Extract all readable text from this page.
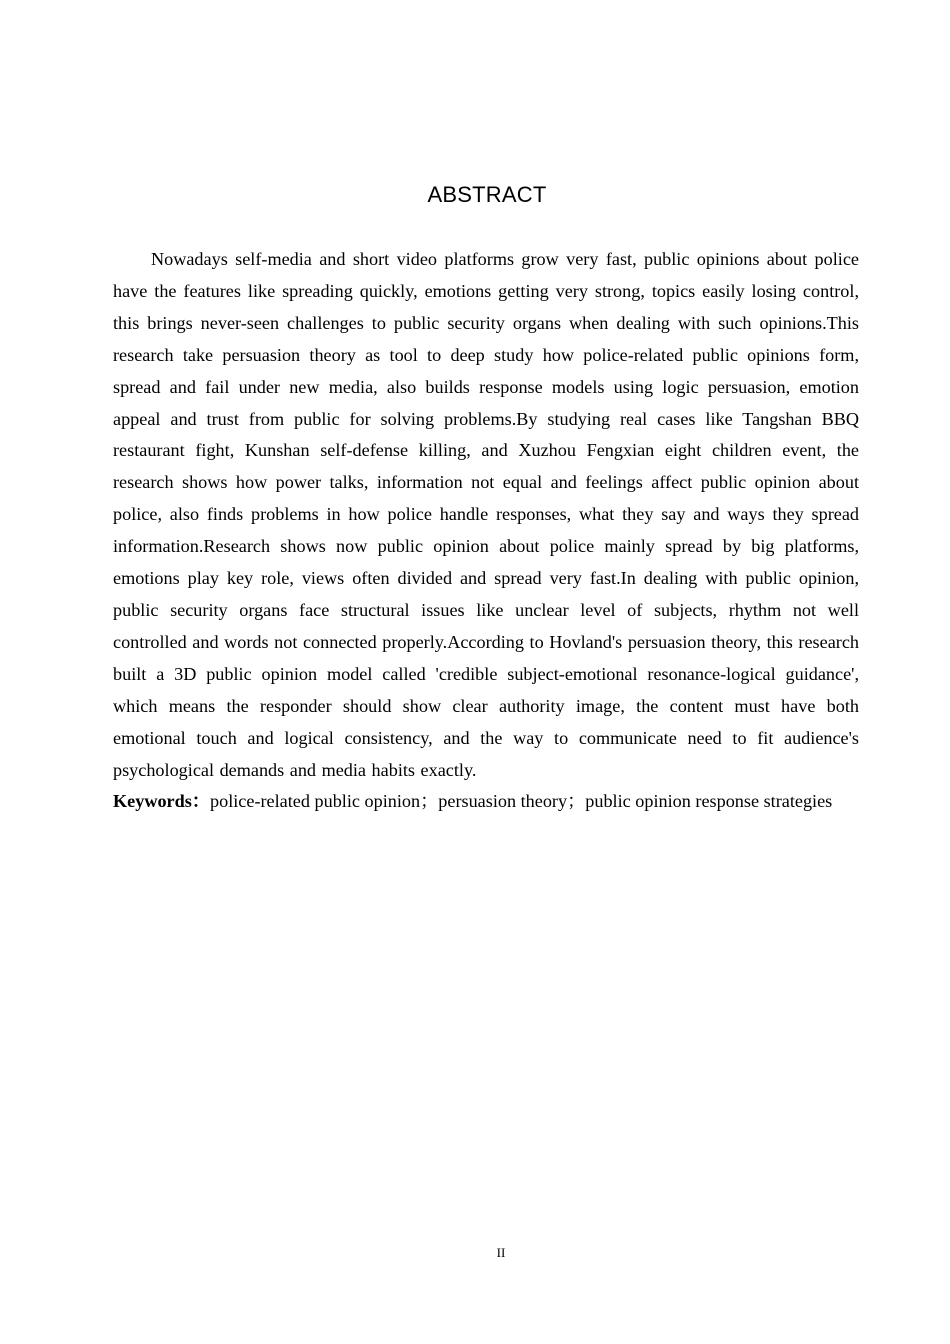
ABSTRACT

Nowadays self-media and short video platforms grow very fast, public opinions about police have the features like spreading quickly, emotions getting very strong, topics easily losing control, this brings never-seen challenges to public security organs when dealing with such opinions.This research take persuasion theory as tool to deep study how police-related public opinions form, spread and fail under new media, also builds response models using logic persuasion, emotion appeal and trust from public for solving problems.By studying real cases like Tangshan BBQ restaurant fight, Kunshan self-defense killing, and Xuzhou Fengxian eight children event, the research shows how power talks, information not equal and feelings affect public opinion about police, also finds problems in how police handle responses, what they say and ways they spread information.Research shows now public opinion about police mainly spread by big platforms, emotions play key role, views often divided and spread very fast.In dealing with public opinion, public security organs face structural issues like unclear level of subjects, rhythm not well controlled and words not connected properly.According to Hovland's persuasion theory, this research built a 3D public opinion model called 'credible subject-emotional resonance-logical guidance', which means the responder should show clear authority image, the content must have both emotional touch and logical consistency, and the way to communicate need to fit audience's psychological demands and media habits exactly.

Keywords：police-related public opinion；persuasion theory；public opinion response strategies

II
